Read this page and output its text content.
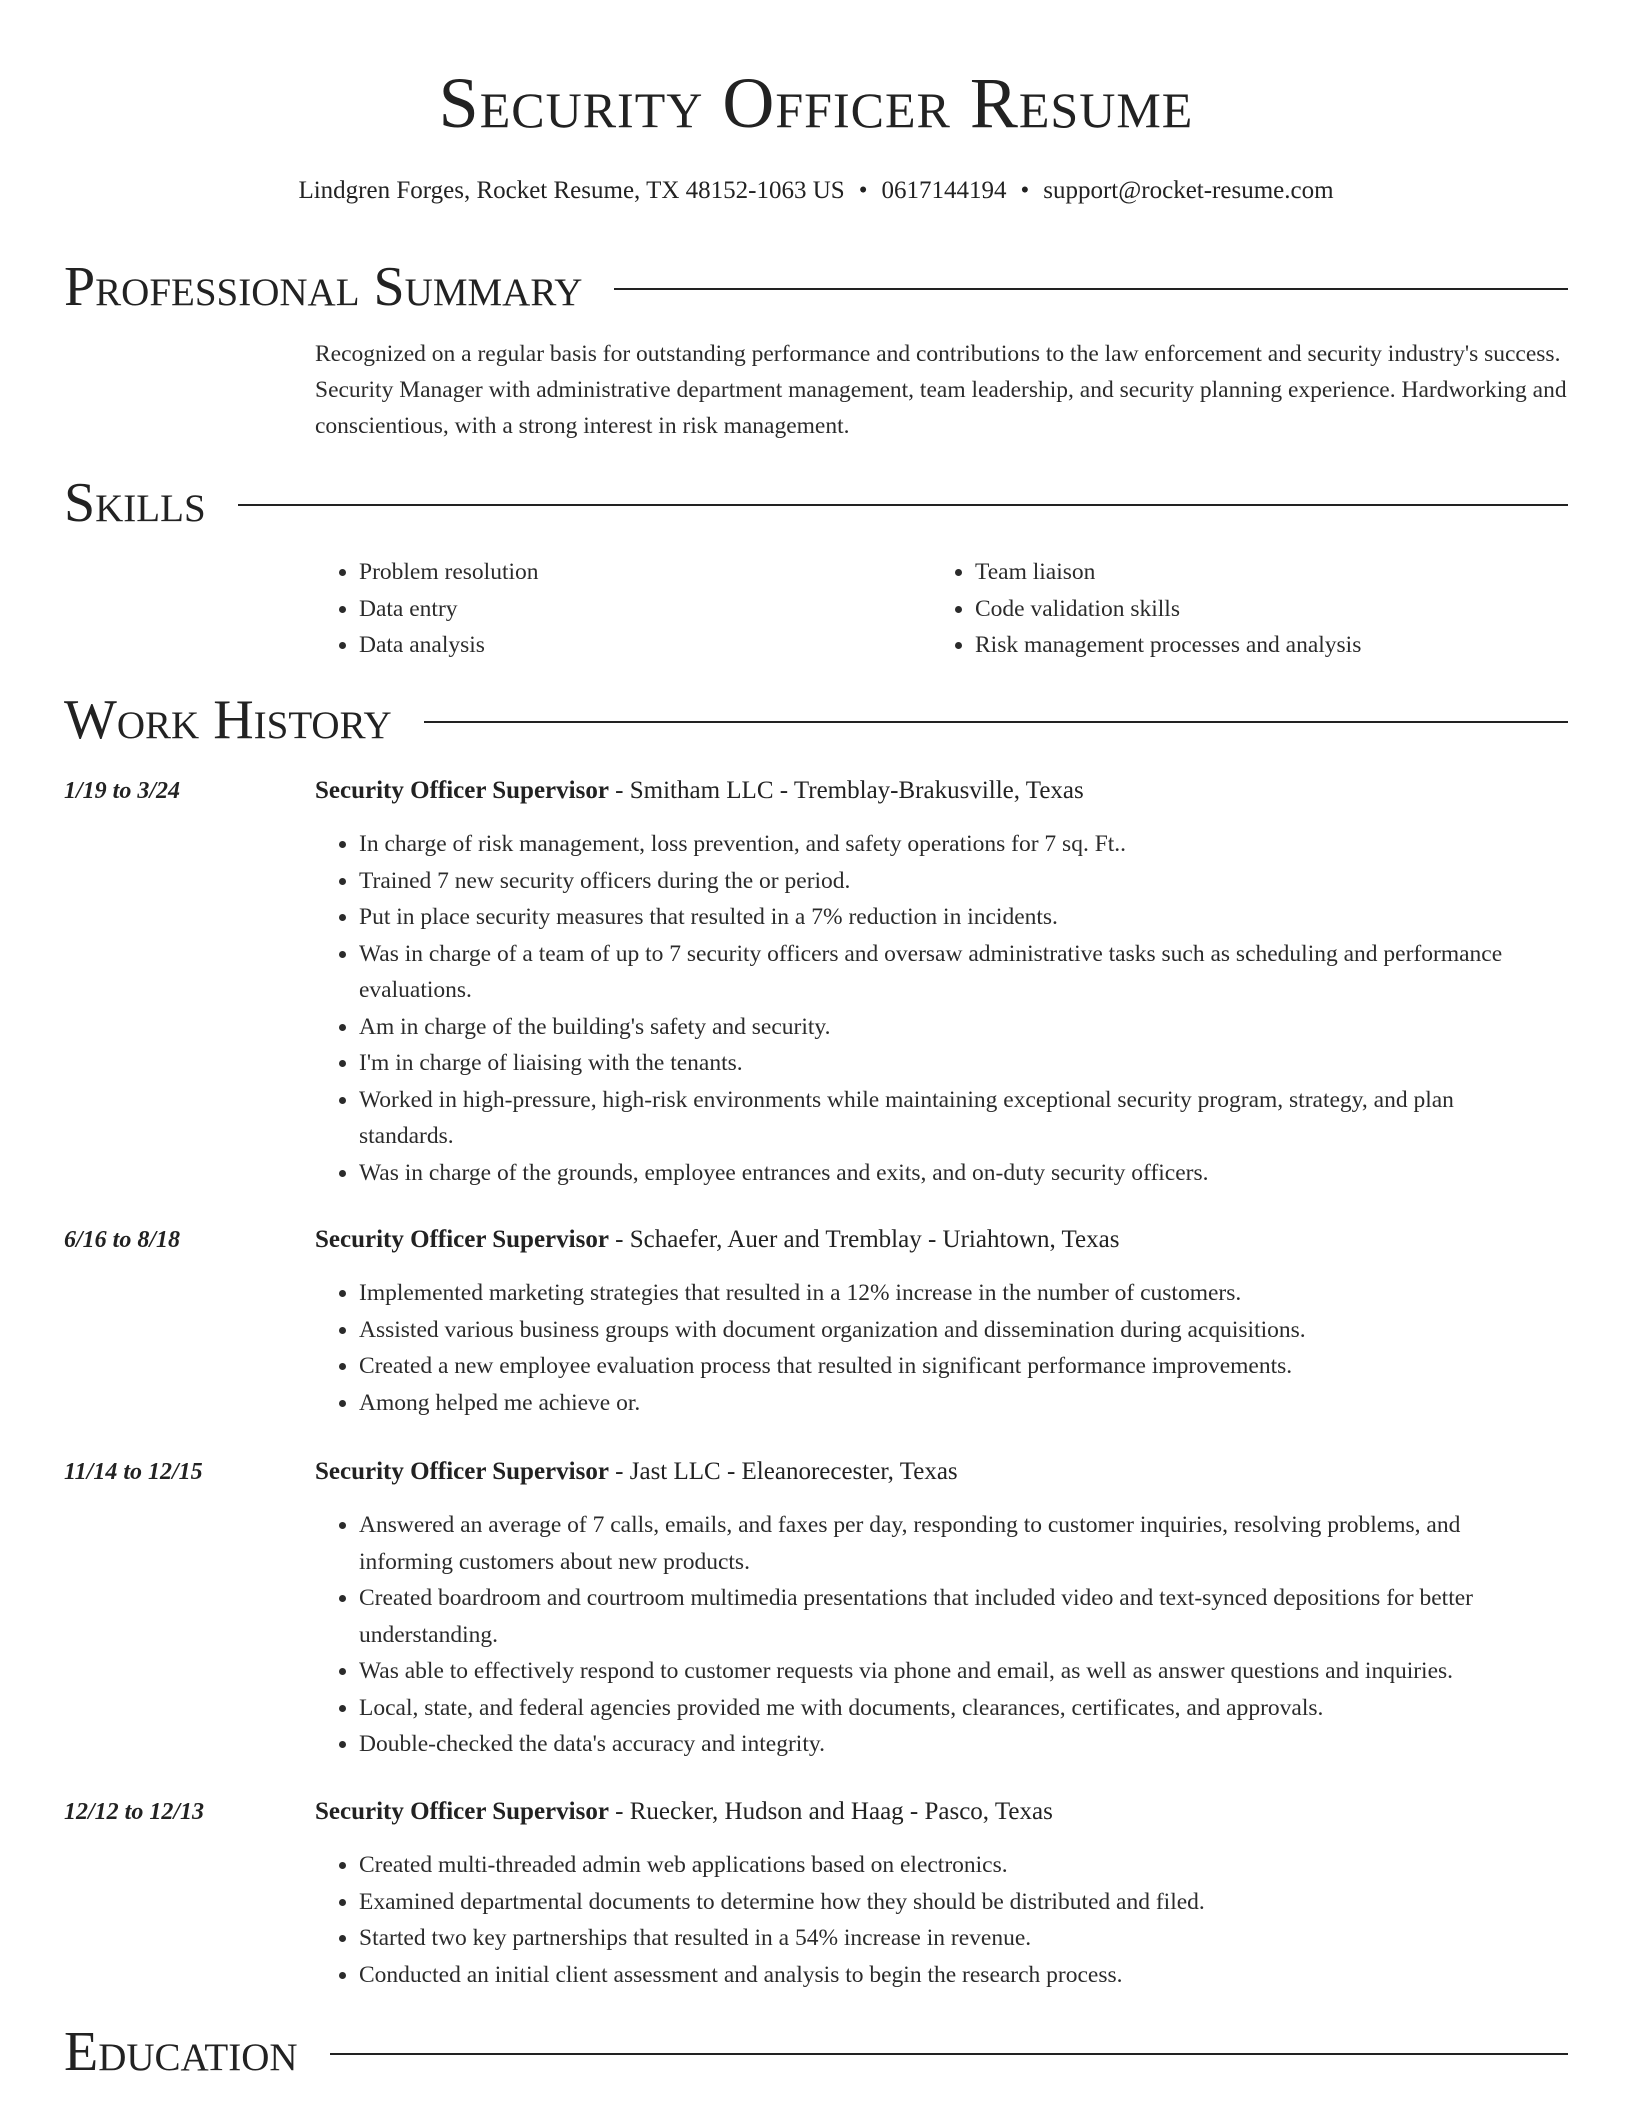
Security Officer Resume
Lindgren Forges, Rocket Resume, TX 48152-1063 US • 0617144194 • support@rocket-resume.com
Professional Summary
Recognized on a regular basis for outstanding performance and contributions to the law enforcement and security industry's success. Security Manager with administrative department management, team leadership, and security planning experience. Hardworking and conscientious, with a strong interest in risk management.
Skills
• Problem resolution
• Data entry
• Data analysis
• Team liaison
• Code validation skills
• Risk management processes and analysis
Work History
1/19 to 3/24	Security Officer Supervisor - Smitham LLC - Tremblay-Brakusville, Texas
• In charge of risk management, loss prevention, and safety operations for 7 sq. Ft..
• Trained 7 new security officers during the or period.
• Put in place security measures that resulted in a 7% reduction in incidents.
• Was in charge of a team of up to 7 security officers and oversaw administrative tasks such as scheduling and performance evaluations.
• Am in charge of the building's safety and security.
• I'm in charge of liaising with the tenants.
• Worked in high-pressure, high-risk environments while maintaining exceptional security program, strategy, and plan standards.
• Was in charge of the grounds, employee entrances and exits, and on-duty security officers.
6/16 to 8/18	Security Officer Supervisor - Schaefer, Auer and Tremblay - Uriahtown, Texas
• Implemented marketing strategies that resulted in a 12% increase in the number of customers.
• Assisted various business groups with document organization and dissemination during acquisitions.
• Created a new employee evaluation process that resulted in significant performance improvements.
• Among helped me achieve or.
11/14 to 12/15	Security Officer Supervisor - Jast LLC - Eleanorecester, Texas
• Answered an average of 7 calls, emails, and faxes per day, responding to customer inquiries, resolving problems, and informing customers about new products.
• Created boardroom and courtroom multimedia presentations that included video and text-synced depositions for better understanding.
• Was able to effectively respond to customer requests via phone and email, as well as answer questions and inquiries.
• Local, state, and federal agencies provided me with documents, clearances, certificates, and approvals.
• Double-checked the data's accuracy and integrity.
12/12 to 12/13	Security Officer Supervisor - Ruecker, Hudson and Haag - Pasco, Texas
• Created multi-threaded admin web applications based on electronics.
• Examined departmental documents to determine how they should be distributed and filed.
• Started two key partnerships that resulted in a 54% increase in revenue.
• Conducted an initial client assessment and analysis to begin the research process.
Education
